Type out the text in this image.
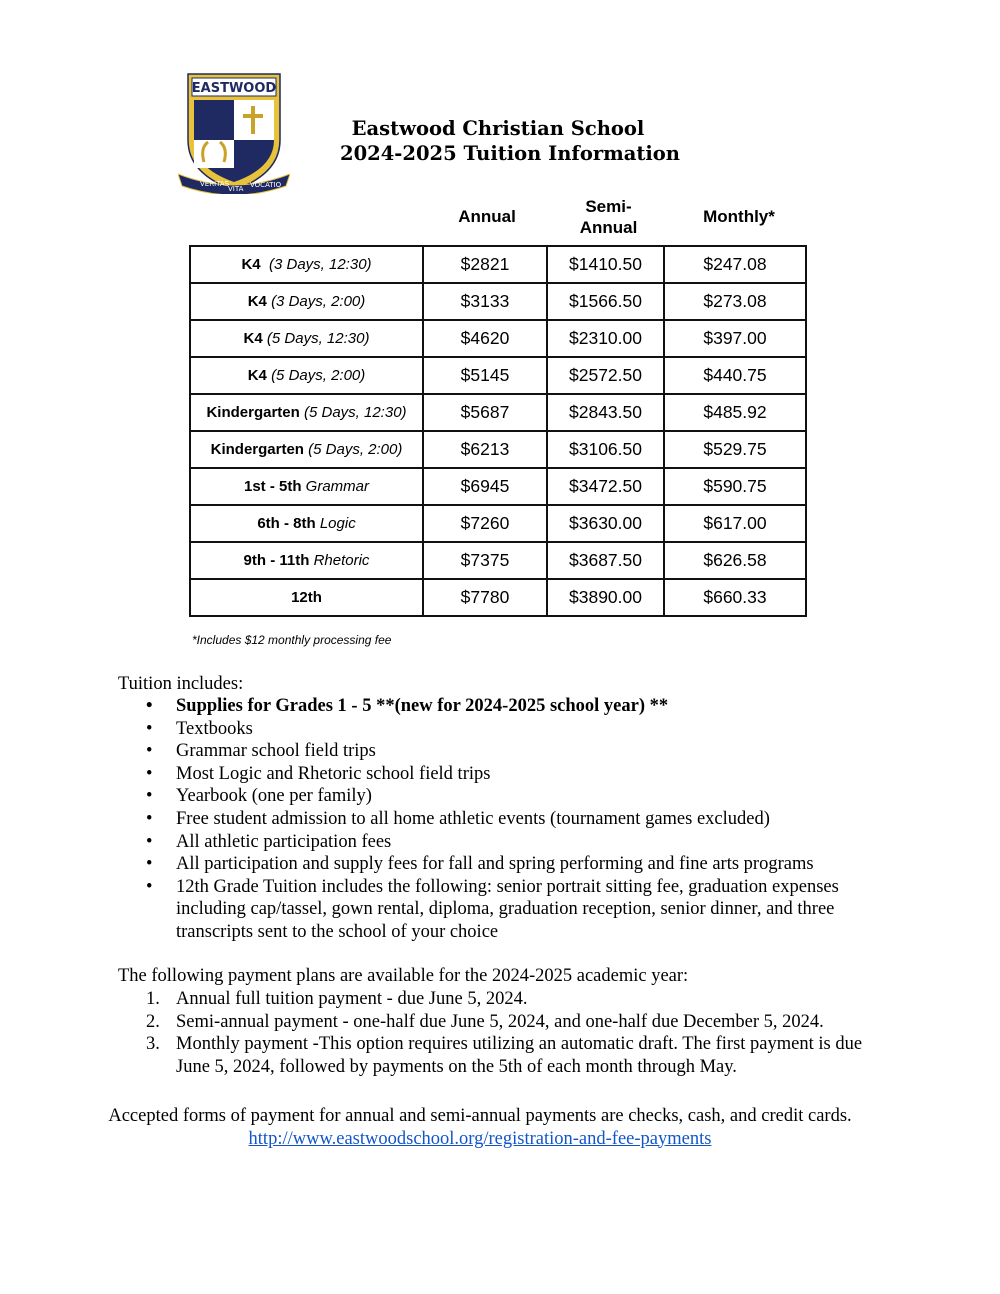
EASTWOOD
VERITAS
VITA VOCATIO
Eastwood Christian School
2024-2025 Tuition Information
Annual
Semi-
Annual
Monthly*
K4 (3 Days, 12:30)	$2821	$1410.50	$247.08
K4 (3 Days, 2:00)	$3133	$1566.50	$273.08
K4 (5 Days, 12:30)	$4620	$2310.00	$397.00
K4 (5 Days, 2:00)	$5145	$2572.50	$440.75
Kindergarten (5 Days, 12:30)	$5687	$2843.50	$485.92
Kindergarten (5 Days, 2:00)	$6213	$3106.50	$529.75
1st - 5th Grammar	$6945	$3472.50	$590.75
6th - 8th Logic	$7260	$3630.00	$617.00
9th - 11th Rhetoric	$7375	$3687.50	$626.58
12th	$7780	$3890.00	$660.33
*Includes $12 monthly processing fee
Tuition includes:
• Supplies for Grades 1 - 5 **(new for 2024-2025 school year) **
• Textbooks
• Grammar school field trips
• Most Logic and Rhetoric school field trips
• Yearbook (one per family)
• Free student admission to all home athletic events (tournament games excluded)
• All athletic participation fees
• All participation and supply fees for fall and spring performing and fine arts programs
• 12th Grade Tuition includes the following: senior portrait sitting fee, graduation expenses including cap/tassel, gown rental, diploma, graduation reception, senior dinner, and three transcripts sent to the school of your choice
The following payment plans are available for the 2024-2025 academic year:
1. Annual full tuition payment - due June 5, 2024.
2. Semi-annual payment - one-half due June 5, 2024, and one-half due December 5, 2024.
3. Monthly payment -This option requires utilizing an automatic draft. The first payment is due June 5, 2024, followed by payments on the 5th of each month through May.
Accepted forms of payment for annual and semi-annual payments are checks, cash, and credit cards. http://www.eastwoodschool.org/registration-and-fee-payments
